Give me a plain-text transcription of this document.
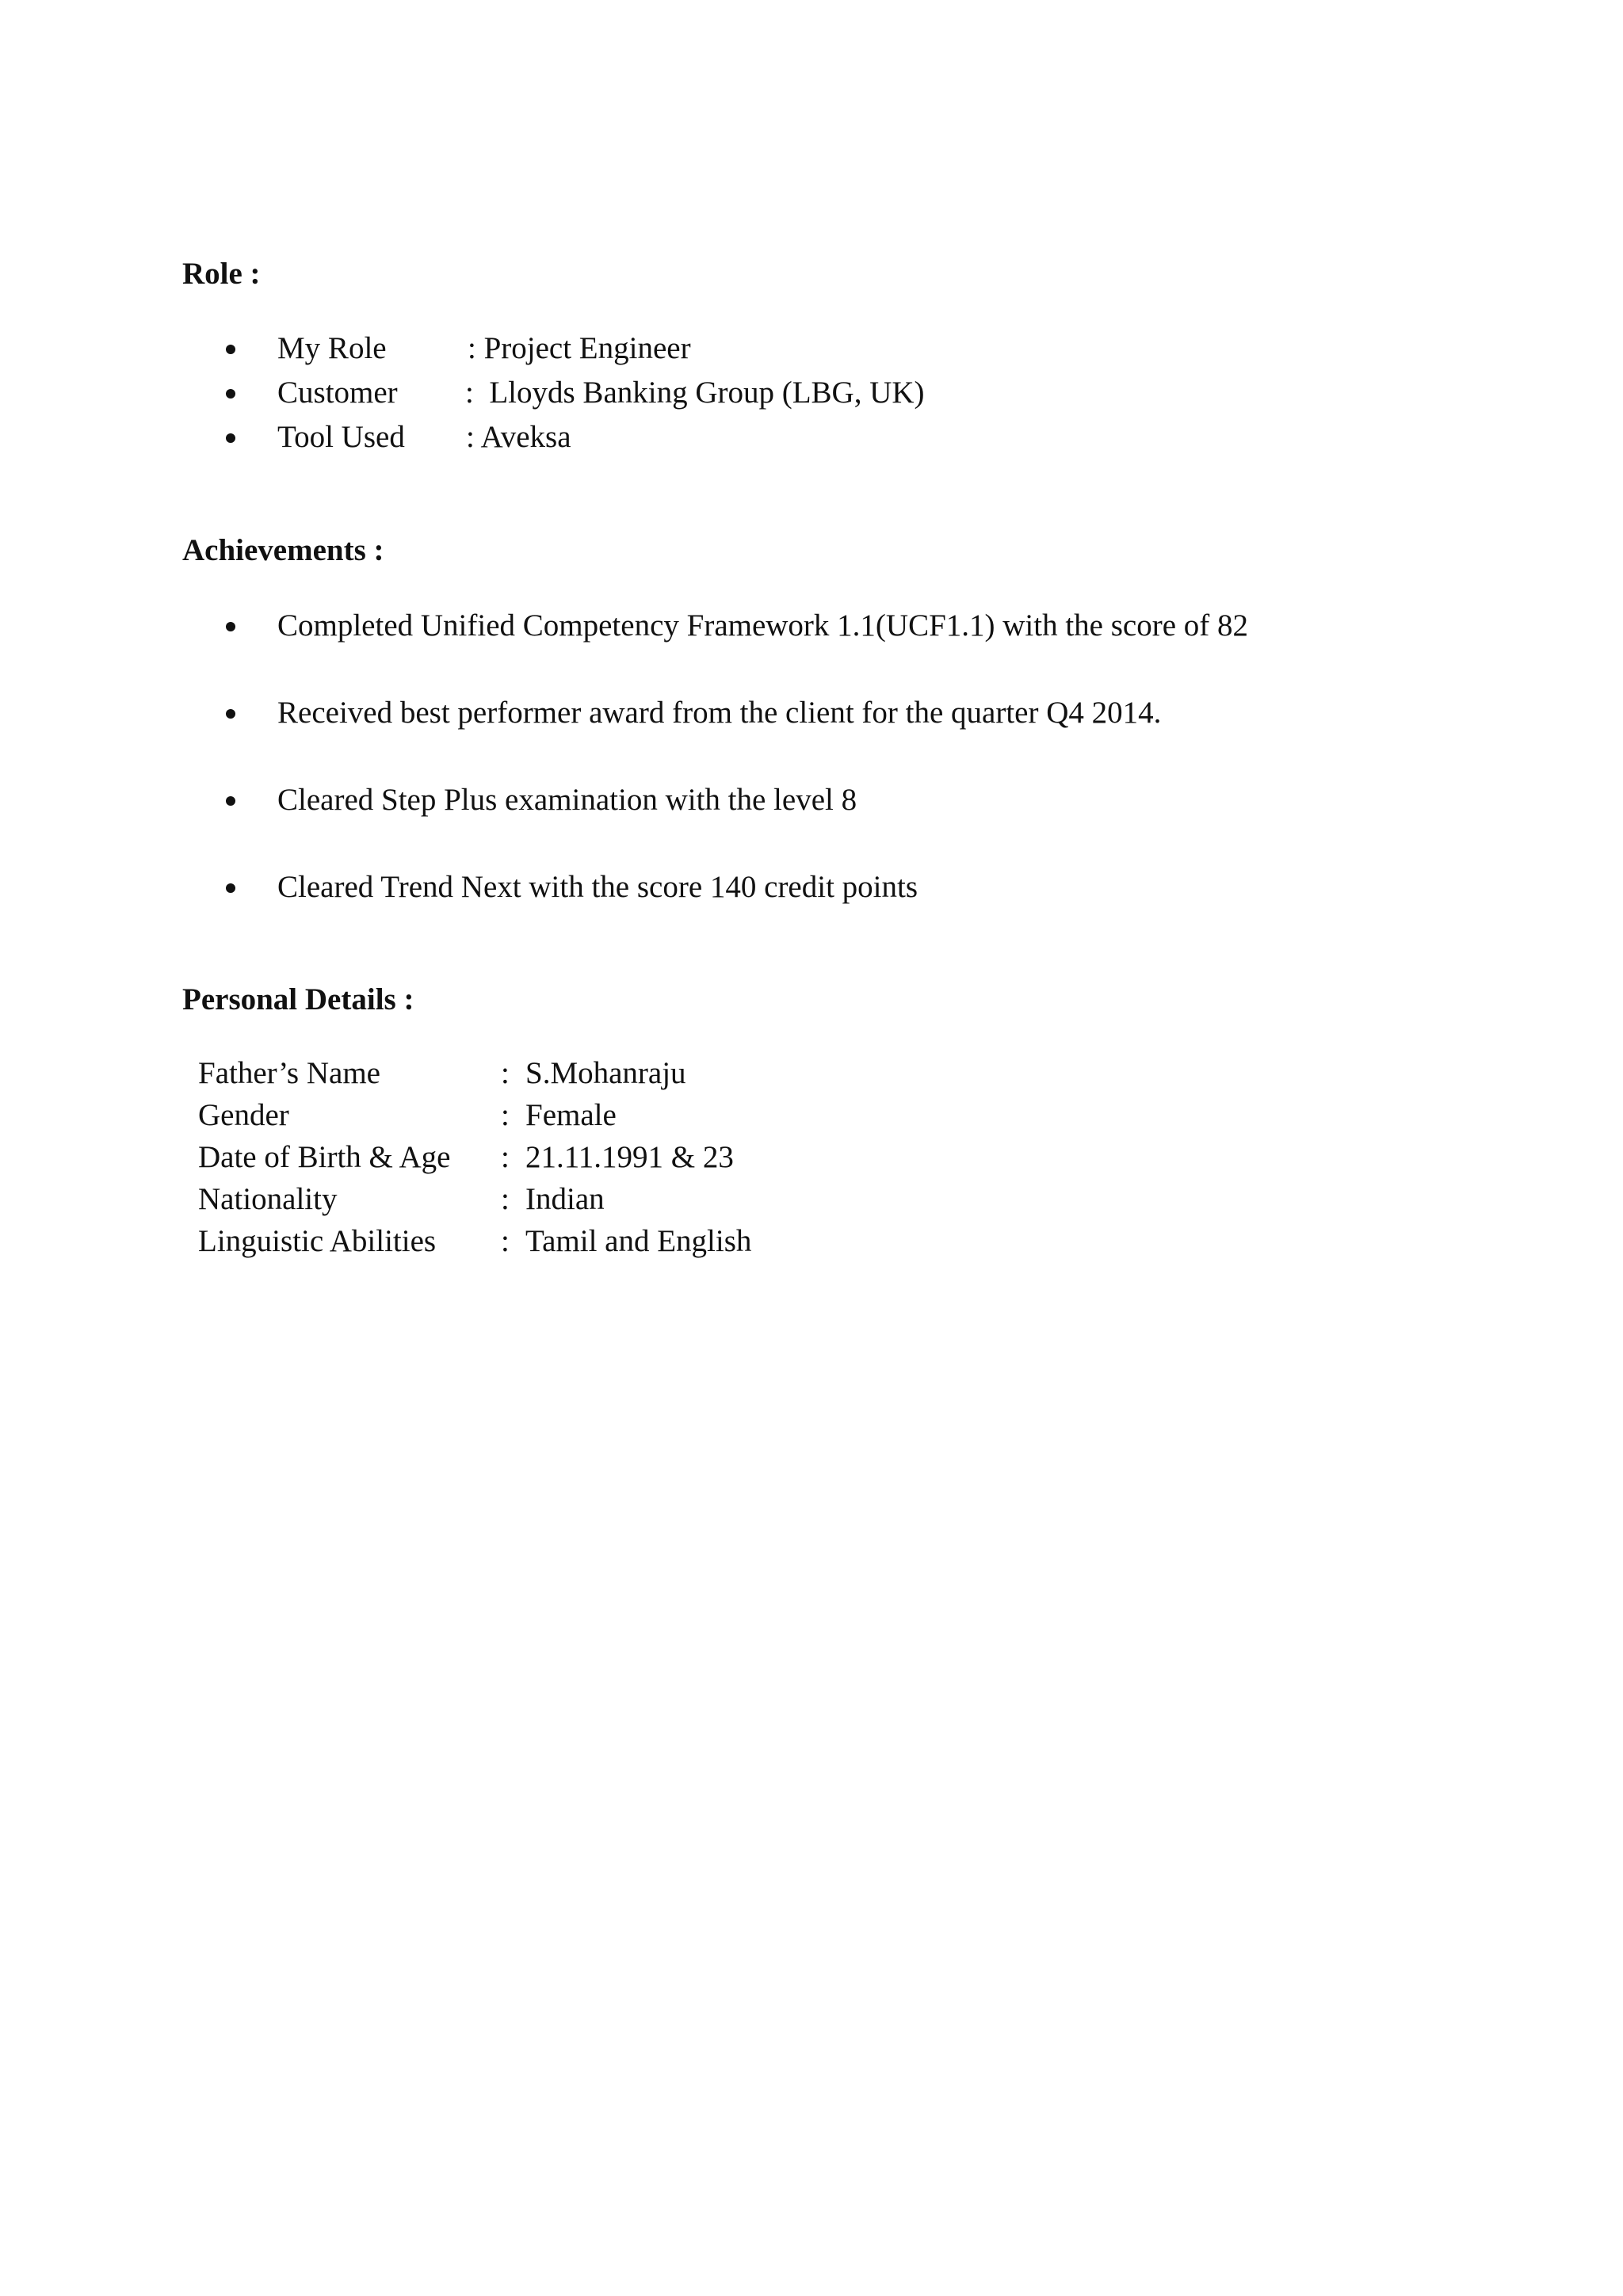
Role :
My Role	: Project Engineer
Customer :  Lloyds Banking Group (LBG, UK)
Tool Used : Aveksa
Achievements :
Completed Unified Competency Framework 1.1(UCF1.1) with the score of 82
Received best performer award from the client for the quarter Q4 2014.
Cleared Step Plus examination with the level 8
Cleared Trend Next with the score 140 credit points
Personal Details :
Father’s Name	: S.Mohanraju
Gender	: Female
Date of Birth & Age : 21.11.1991 & 23
Nationality	: Indian
Linguistic Abilities : Tamil and English
